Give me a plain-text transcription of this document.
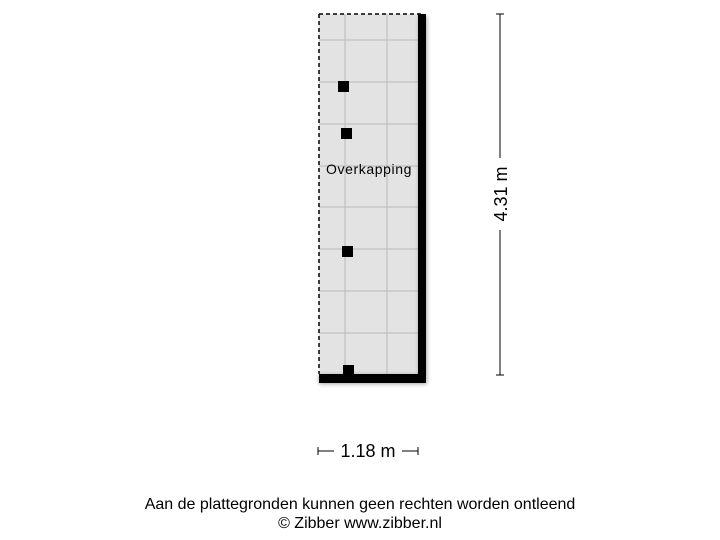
Overkapping	4.31 m
1.18 m
Aan de plattegronden kunnen geen rechten worden ontleend
© Zibber www.zibber.nl
